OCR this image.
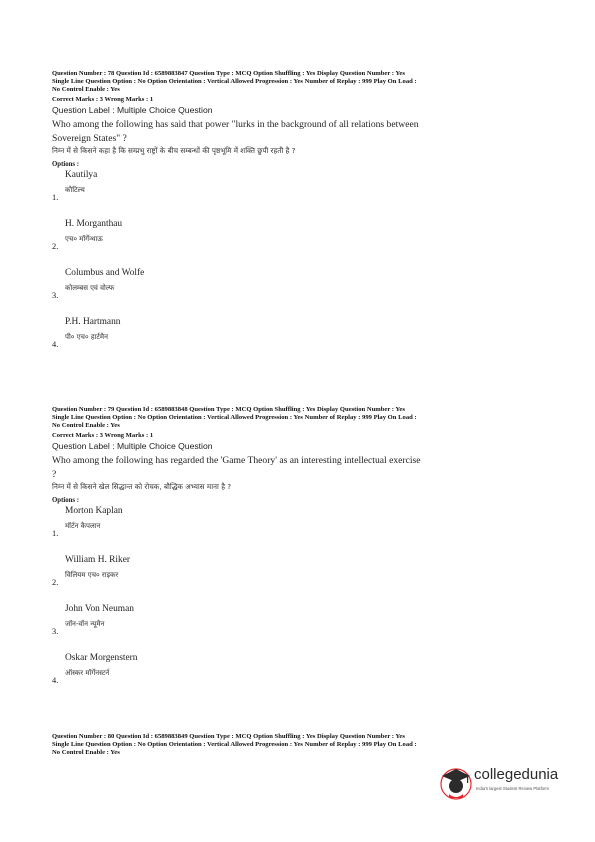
Question Number : 78 Question Id : 6589883847 Question Type : MCQ Option Shuffling : Yes Display Question Number : Yes
Single Line Question Option : No Option Orientation : Vertical Allowed Progression : Yes Number of Replay : 999 Play On Load :
No Control Enable : Yes
Correct Marks : 3 Wrong Marks : 1
Question Label : Multiple Choice Question
Who among the following has said that power "lurks in the background of all relations between Sovereign States" ?
निम्न में से किसने कहा है कि सम्प्रभु राष्ट्रों के बीच सम्बन्धों की पृष्ठभूमि में शक्ति छुपी रहती है ?
Options :
Kautilya
कौटिल्य
1.
H. Morganthau
एच० मॉर्गेन्थाऊ
2.
Columbus and Wolfe
कोलम्बस एवं वोल्फ
3.
P.H. Hartmann
पी० एच० हार्टमैन
4.
Question Number : 79 Question Id : 6589883848 Question Type : MCQ Option Shuffling : Yes Display Question Number : Yes
Single Line Question Option : No Option Orientation : Vertical Allowed Progression : Yes Number of Replay : 999 Play On Load :
No Control Enable : Yes
Correct Marks : 3 Wrong Marks : 1
Question Label : Multiple Choice Question
Who among the following has regarded the 'Game Theory' as an interesting intellectual exercise ?
निम्न में से किसने खेल सिद्धान्त को रोचक, बौद्धिक अभ्यास माना है ?
Options :
Morton Kaplan
मॉर्टन कैपलान
1.
William H. Riker
विलियम एच० राइकर
2.
John Von Neuman
जॉन-वॉन न्यूमैन
3.
Oskar Morgenstern
ऑस्कर मॉर्गेनस्टर्न
4.
Question Number : 80 Question Id : 6589883849 Question Type : MCQ Option Shuffling : Yes Display Question Number : Yes
Single Line Question Option : No Option Orientation : Vertical Allowed Progression : Yes Number of Replay : 999 Play On Load :
No Control Enable : Yes
collegedunia
India's largest Student Review Platform
